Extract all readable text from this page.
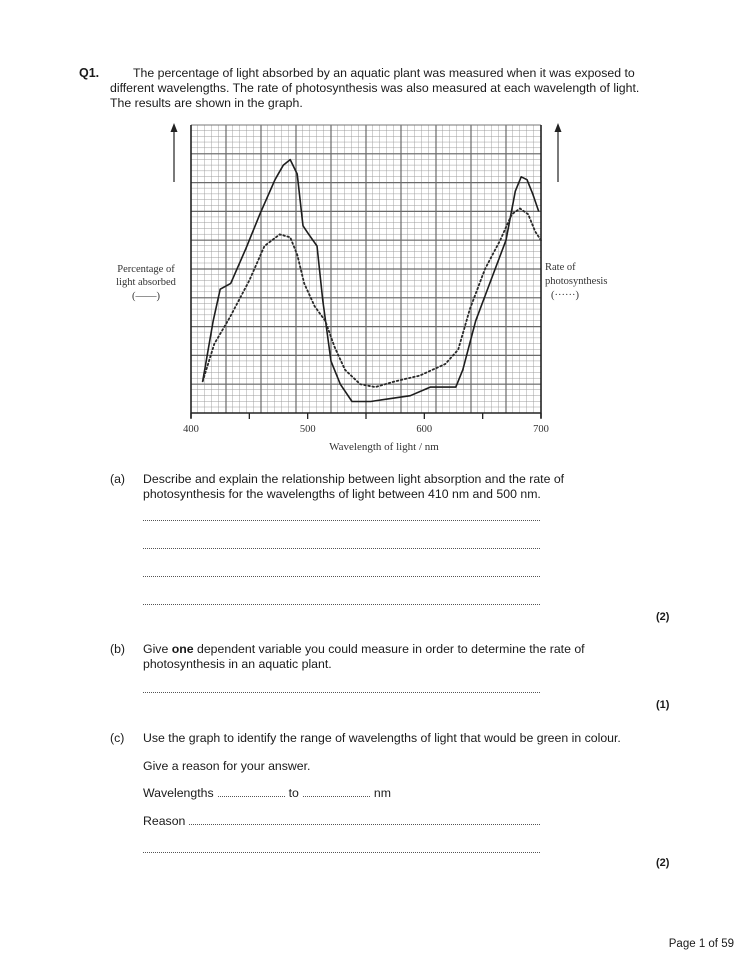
Q1.	The percentage of light absorbed by an aquatic plant was measured when it was exposed to different wavelengths. The rate of photosynthesis was also measured at each wavelength of light. The results are shown in the graph.
400	500	600	700
Wavelength of light / nm
Percentage of
light absorbed
(——)
Rate of
photosynthesis
(······)
(a) Describe and explain the relationship between light absorption and the rate of
photosynthesis for the wavelengths of light between 410 nm and 500 nm.
(2)
(b) Give one dependent variable you could measure in order to determine the rate of
photosynthesis in an aquatic plant.
(1)
(c) Use the graph to identify the range of wavelengths of light that would be green in colour.
Give a reason for your answer.
Wavelengths	to	nm
Reason
(2)
Page 1 of 59
